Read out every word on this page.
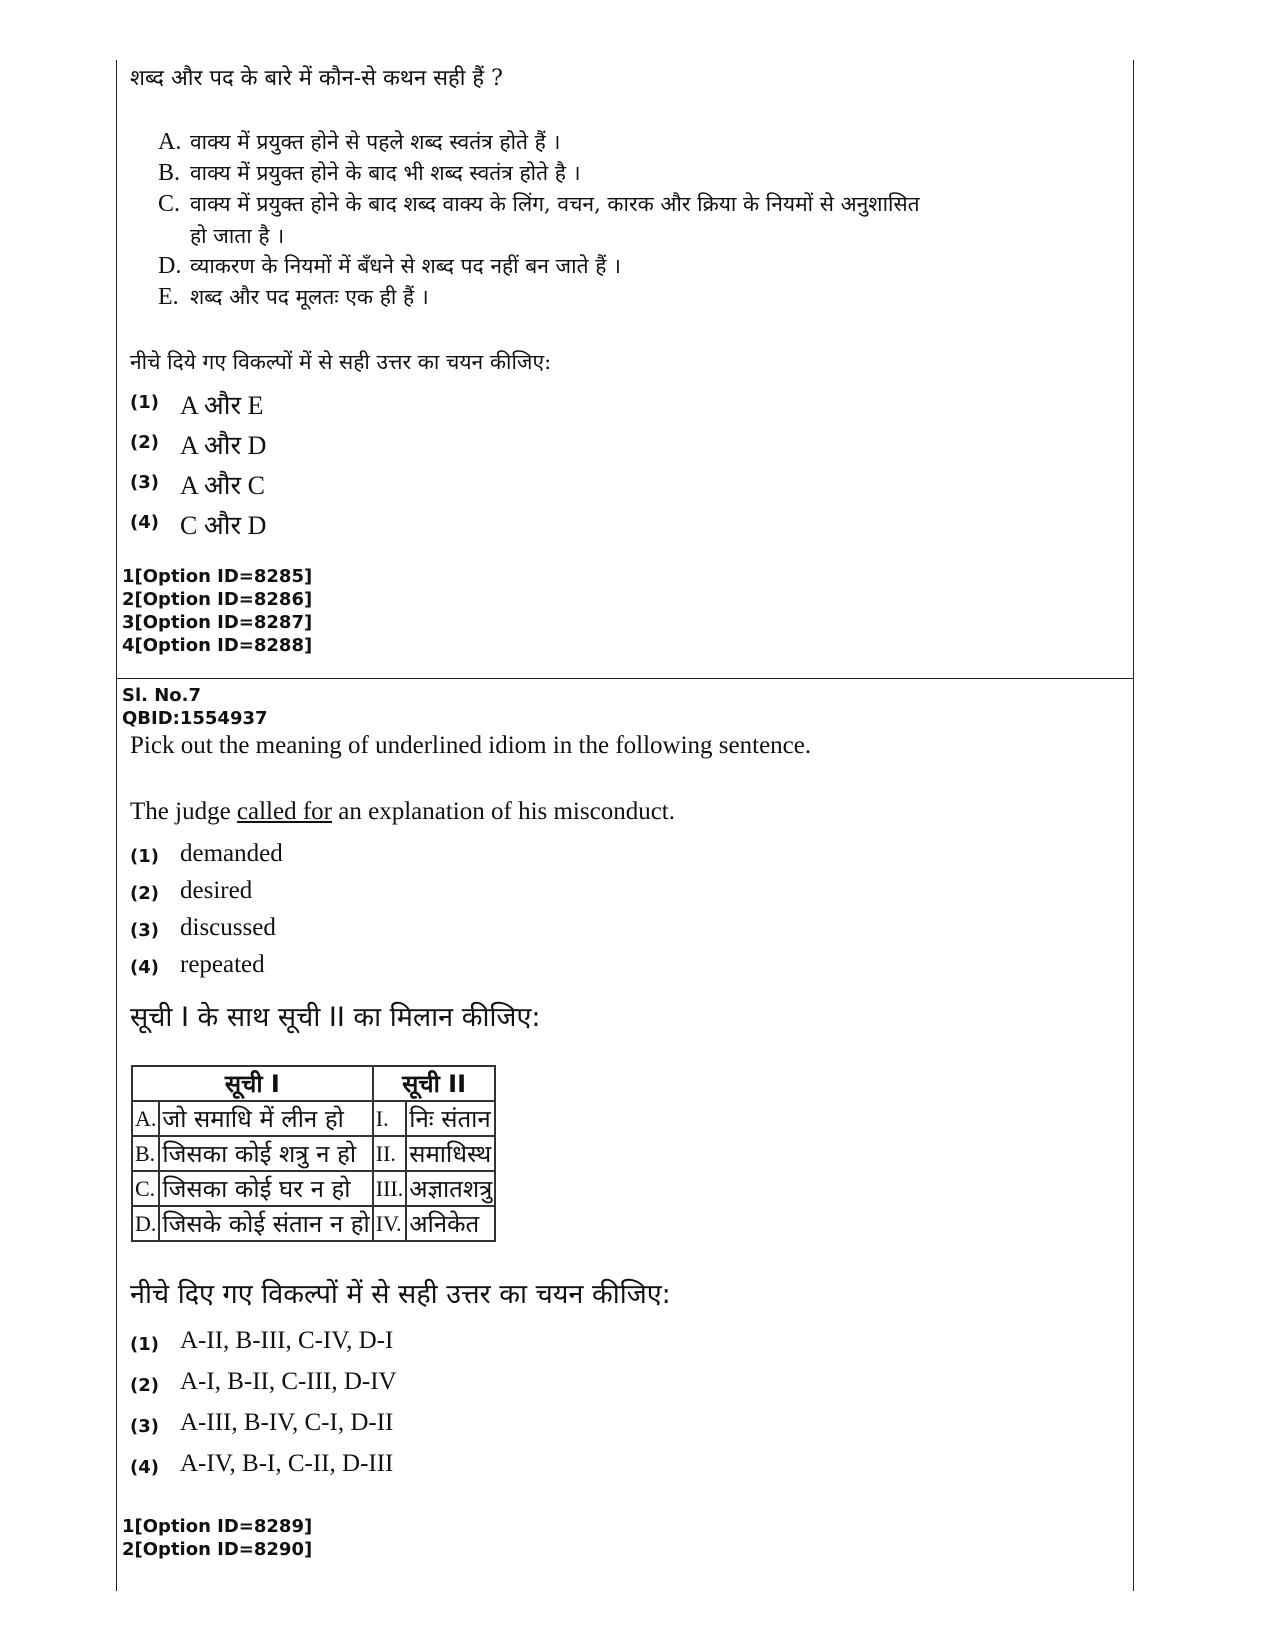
शब्द और पद के बारे में कौन-से कथन सही हैं ?
A. वाक्य में प्रयुक्त होने से पहले शब्द स्वतंत्र होते हैं ।
B. वाक्य में प्रयुक्त होने के बाद भी शब्द स्वतंत्र होते है ।
C. वाक्य में प्रयुक्त होने के बाद शब्द वाक्य के लिंग, वचन, कारक और क्रिया के नियमों से अनुशासित
हो जाता है ।
D. व्याकरण के नियमों में बँधने से शब्द पद नहीं बन जाते हैं ।
E. शब्द और पद मूलतः एक ही हैं ।
नीचे दिये गए विकल्पों में से सही उत्तर का चयन कीजिए:
(1) A और E
(2) A और D
(3) A और C
(4) C और D
1[Option ID=8285]
2[Option ID=8286]
3[Option ID=8287]
4[Option ID=8288]
Sl. No.7
QBID:1554937
Pick out the meaning of underlined idiom in the following sentence.
The judge called for an explanation of his misconduct.
(1) demanded
(2) desired
(3) discussed
(4) repeated
सूची I के साथ सूची II का मिलान कीजिए:
सूची I		सूची II	
A.	जो समाधि में लीन हो	I.	निः संतान
B.	जिसका कोई शत्रु न हो	II.	समाधिस्थ
C.	जिसका कोई घर न हो	III.	अज्ञातशत्रु
D.	जिसके कोई संतान न हो	IV.	अनिकेत
नीचे दिए गए विकल्पों में से सही उत्तर का चयन कीजिए:
(1) A-II, B-III, C-IV, D-I
(2) A-I, B-II, C-III, D-IV
(3) A-III, B-IV, C-I, D-II
(4) A-IV, B-I, C-II, D-III
1[Option ID=8289]
2[Option ID=8290]
